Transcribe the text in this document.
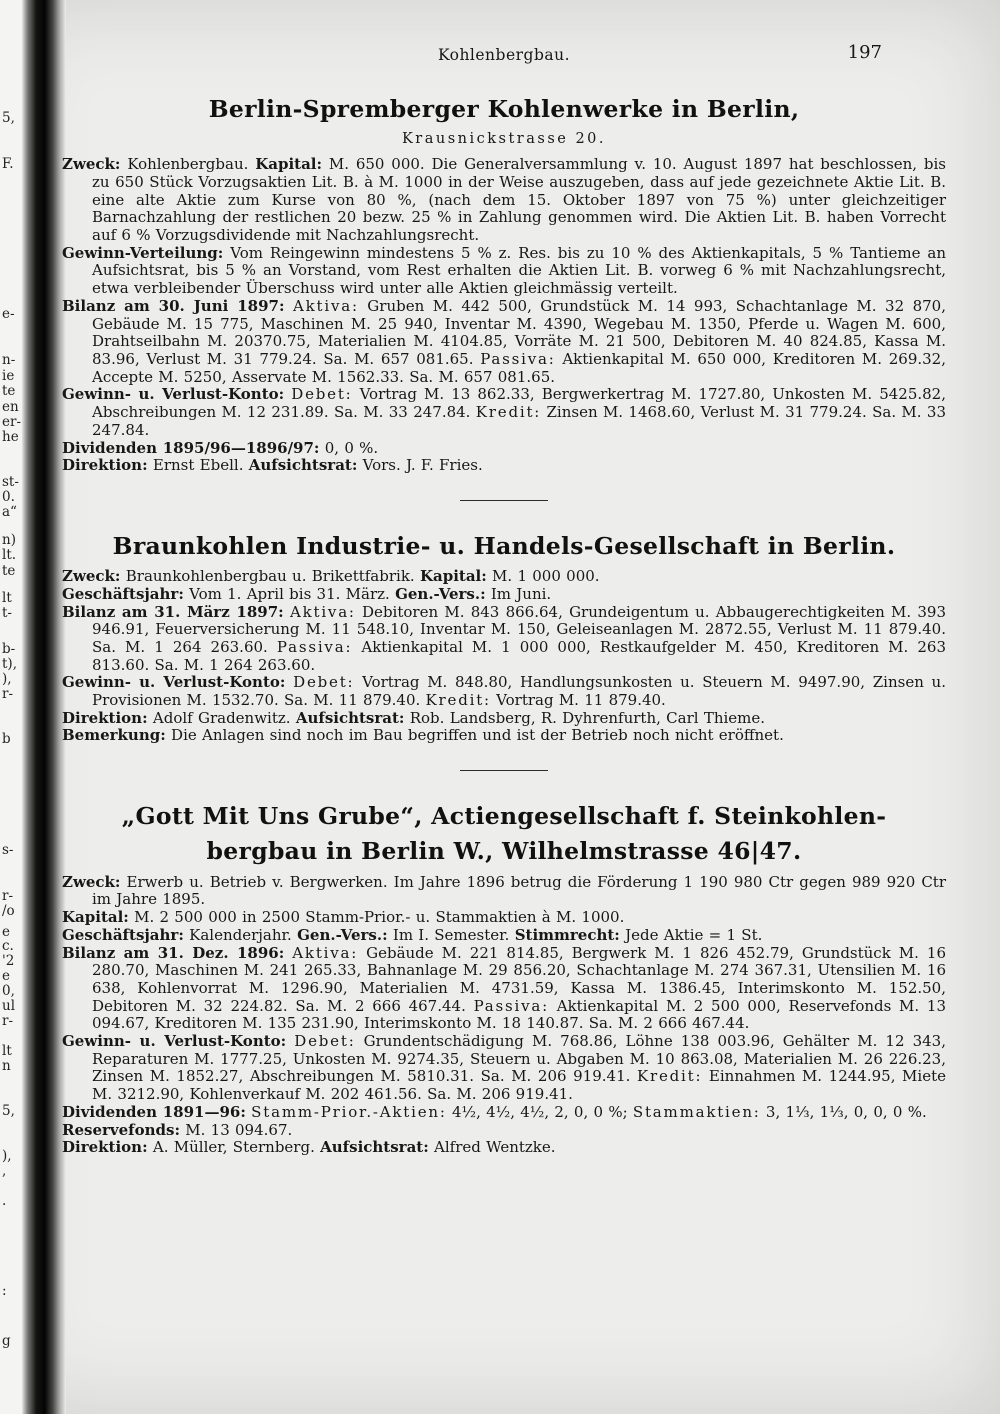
5,
F.
e-
n-
ie
te
en
er-
he
st-
0.
a“
n)
lt.
te
lt
t-
b-
t),
),
r-
b
s-
r-
/o
e
c.
'2
e
0,
ul
r-
lt
n
5,
),
,
.
:
g
Kohlenbergbau.	197
Berlin-Spremberger Kohlenwerke in Berlin,
Krausnickstrasse 20.

Zweck: Kohlenbergbau. Kapital: M. 650 000. Die Generalversammlung v. 10. August 1897 hat beschlossen, bis zu 650 Stück Vorzugsaktien Lit. B. à M. 1000 in der Weise auszugeben, dass auf jede gezeichnete Aktie Lit. B. eine alte Aktie zum Kurse von 80 %, (nach dem 15. Oktober 1897 von 75 %) unter gleichzeitiger Barnachzahlung der restlichen 20 bezw. 25 % in Zahlung genommen wird. Die Aktien Lit. B. haben Vorrecht auf 6 % Vorzugsdividende mit Nachzahlungsrecht.

Gewinn-Verteilung: Vom Reingewinn mindestens 5 % z. Res. bis zu 10 % des Aktienkapitals, 5 % Tantieme an Aufsichtsrat, bis 5 % an Vorstand, vom Rest erhalten die Aktien Lit. B. vorweg 6 % mit Nachzahlungsrecht, etwa verbleibender Überschuss wird unter alle Aktien gleichmässig verteilt.

Bilanz am 30. Juni 1897: Aktiva: Gruben M. 442 500, Grundstück M. 14 993, Schachtanlage M. 32 870, Gebäude M. 15 775, Maschinen M. 25 940, Inventar M. 4390, Wegebau M. 1350, Pferde u. Wagen M. 600, Drahtseilbahn M. 20370.75, Materialien M. 4104.85, Vorräte M. 21 500, Debitoren M. 40 824.85, Kassa M. 83.96, Verlust M. 31 779.24. Sa. M. 657 081.65. Passiva: Aktienkapital M. 650 000, Kreditoren M. 269.32, Accepte M. 5250, Asservate M. 1562.33. Sa. M. 657 081.65.

Gewinn- u. Verlust-Konto: Debet: Vortrag M. 13 862.33, Bergwerkertrag M. 1727.80, Unkosten M. 5425.82, Abschreibungen M. 12 231.89. Sa. M. 33 247.84. Kredit: Zinsen M. 1468.60, Verlust M. 31 779.24. Sa. M. 33 247.84.

Dividenden 1895/96—1896/97: 0, 0 %.

Direktion: Ernst Ebell. Aufsichtsrat: Vors. J. F. Fries.

Braunkohlen Industrie- u. Handels-Gesellschaft in Berlin.

Zweck: Braunkohlenbergbau u. Brikettfabrik. Kapital: M. 1 000 000.

Geschäftsjahr: Vom 1. April bis 31. März. Gen.-Vers.: Im Juni.

Bilanz am 31. März 1897: Aktiva: Debitoren M. 843 866.64, Grundeigentum u. Abbaugerechtigkeiten M. 393 946.91, Feuerversicherung M. 11 548.10, Inventar M. 150, Geleiseanlagen M. 2872.55, Verlust M. 11 879.40. Sa. M. 1 264 263.60. Passiva: Aktienkapital M. 1 000 000, Restkaufgelder M. 450, Kreditoren M. 263 813.60. Sa. M. 1 264 263.60.

Gewinn- u. Verlust-Konto: Debet: Vortrag M. 848.80, Handlungsunkosten u. Steuern M. 9497.90, Zinsen u. Provisionen M. 1532.70. Sa. M. 11 879.40. Kredit: Vortrag M. 11 879.40.

Direktion: Adolf Gradenwitz. Aufsichtsrat: Rob. Landsberg, R. Dyhrenfurth, Carl Thieme.

Bemerkung: Die Anlagen sind noch im Bau begriffen und ist der Betrieb noch nicht eröffnet.

„Gott Mit Uns Grube“, Actiengesellschaft f. Steinkohlen-
bergbau in Berlin W., Wilhelmstrasse 46|47.

Zweck: Erwerb u. Betrieb v. Bergwerken. Im Jahre 1896 betrug die Förderung 1 190 980 Ctr gegen 989 920 Ctr im Jahre 1895.

Kapital: M. 2 500 000 in 2500 Stamm-Prior.- u. Stammaktien à M. 1000.

Geschäftsjahr: Kalenderjahr. Gen.-Vers.: Im I. Semester. Stimmrecht: Jede Aktie = 1 St.

Bilanz am 31. Dez. 1896: Aktiva: Gebäude M. 221 814.85, Bergwerk M. 1 826 452.79, Grundstück M. 16 280.70, Maschinen M. 241 265.33, Bahnanlage M. 29 856.20, Schachtanlage M. 274 367.31, Utensilien M. 16 638, Kohlenvorrat M. 1296.90, Materialien M. 4731.59, Kassa M. 1386.45, Interimskonto M. 152.50, Debitoren M. 32 224.82. Sa. M. 2 666 467.44. Passiva: Aktienkapital M. 2 500 000, Reservefonds M. 13 094.67, Kreditoren M. 135 231.90, Interimskonto M. 18 140.87. Sa. M. 2 666 467.44.

Gewinn- u. Verlust-Konto: Debet: Grundentschädigung M. 768.86, Löhne 138 003.96, Gehälter M. 12 343, Reparaturen M. 1777.25, Unkosten M. 9274.35, Steuern u. Abgaben M. 10 863.08, Materialien M. 26 226.23, Zinsen M. 1852.27, Abschreibungen M. 5810.31. Sa. M. 206 919.41. Kredit: Einnahmen M. 1244.95, Miete M. 3212.90, Kohlenverkauf M. 202 461.56. Sa. M. 206 919.41.

Dividenden 1891—96: Stamm-Prior.-Aktien: 4½, 4½, 4½, 2, 0, 0 %; Stammaktien: 3, 1⅓, 1⅓, 0, 0, 0 %.

Reservefonds: M. 13 094.67.

Direktion: A. Müller, Sternberg. Aufsichtsrat: Alfred Wentzke.
